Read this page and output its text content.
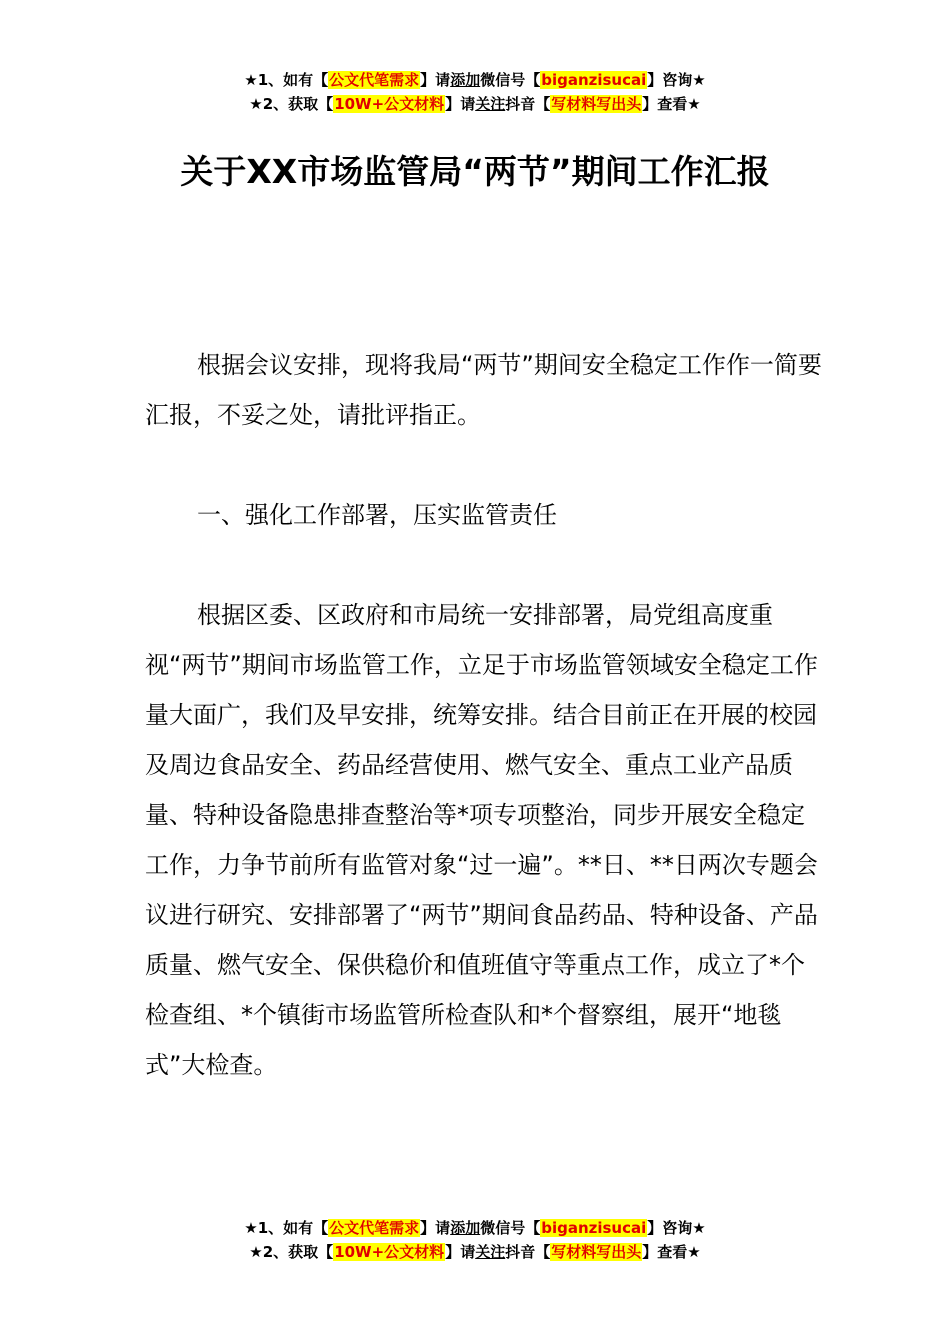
★1、如有【公文代笔需求】请添加微信号【biganzisucai】咨询★
★2、获取【10W+公文材料】请关注抖音【写材料写出头】查看★
关于XX市场监管局“两节”期间工作汇报

根据会议安排，现将我局“两节”期间安全稳定工作作一简要汇报，不妥之处，请批评指正。

一、强化工作部署，压实监管责任

根据区委、区政府和市局统一安排部署，局党组高度重视“两节”期间市场监管工作，立足于市场监管领域安全稳定工作量大面广，我们及早安排，统筹安排。结合目前正在开展的校园及周边食品安全、药品经营使用、燃气安全、重点工业产品质量、特种设备隐患排查整治等*项专项整治，同步开展安全稳定工作，力争节前所有监管对象“过一遍”。**日、**日两次专题会议进行研究、安排部署了“两节”期间食品药品、特种设备、产品质量、燃气安全、保供稳价和值班值守等重点工作，成立了*个检查组、*个镇街市场监管所检查队和*个督察组，展开“地毯式”大检查。

★1、如有【公文代笔需求】请添加微信号【biganzisucai】咨询★
★2、获取【10W+公文材料】请关注抖音【写材料写出头】查看★
